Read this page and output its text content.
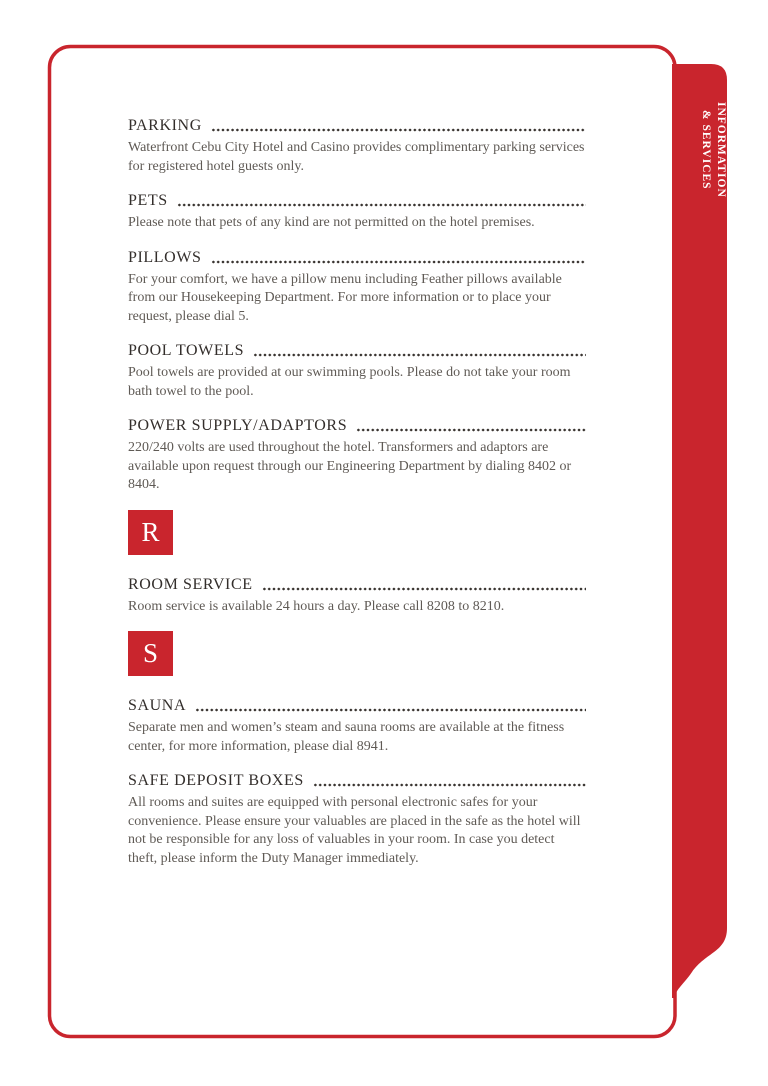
INFORMATION
& SERVICES
PARKING

Waterfront Cebu City Hotel and Casino provides complimentary parking services for registered hotel guests only.

PETS

Please note that pets of any kind are not permitted on the hotel premises.

PILLOWS

For your comfort, we have a pillow menu including Feather pillows available from our Housekeeping Department. For more information or to place your request, please dial 5.

POOL TOWELS

Pool towels are provided at our swimming pools. Please do not take your room bath towel to the pool.

POWER SUPPLY/ADAPTORS

220/240 volts are used throughout the hotel. Transformers and adaptors are available upon request through our Engineering Department by dialing 8402 or 8404.

R
ROOM SERVICE

Room service is available 24 hours a day. Please call 8208 to 8210.

S
SAUNA

Separate men and women’s steam and sauna rooms are available at the fitness center, for more information, please dial 8941.

SAFE DEPOSIT BOXES

All rooms and suites are equipped with personal electronic safes for your convenience. Please ensure your valuables are placed in the safe as the hotel will not be responsible for any loss of valuables in your room. In case you detect theft, please inform the Duty Manager immediately.
